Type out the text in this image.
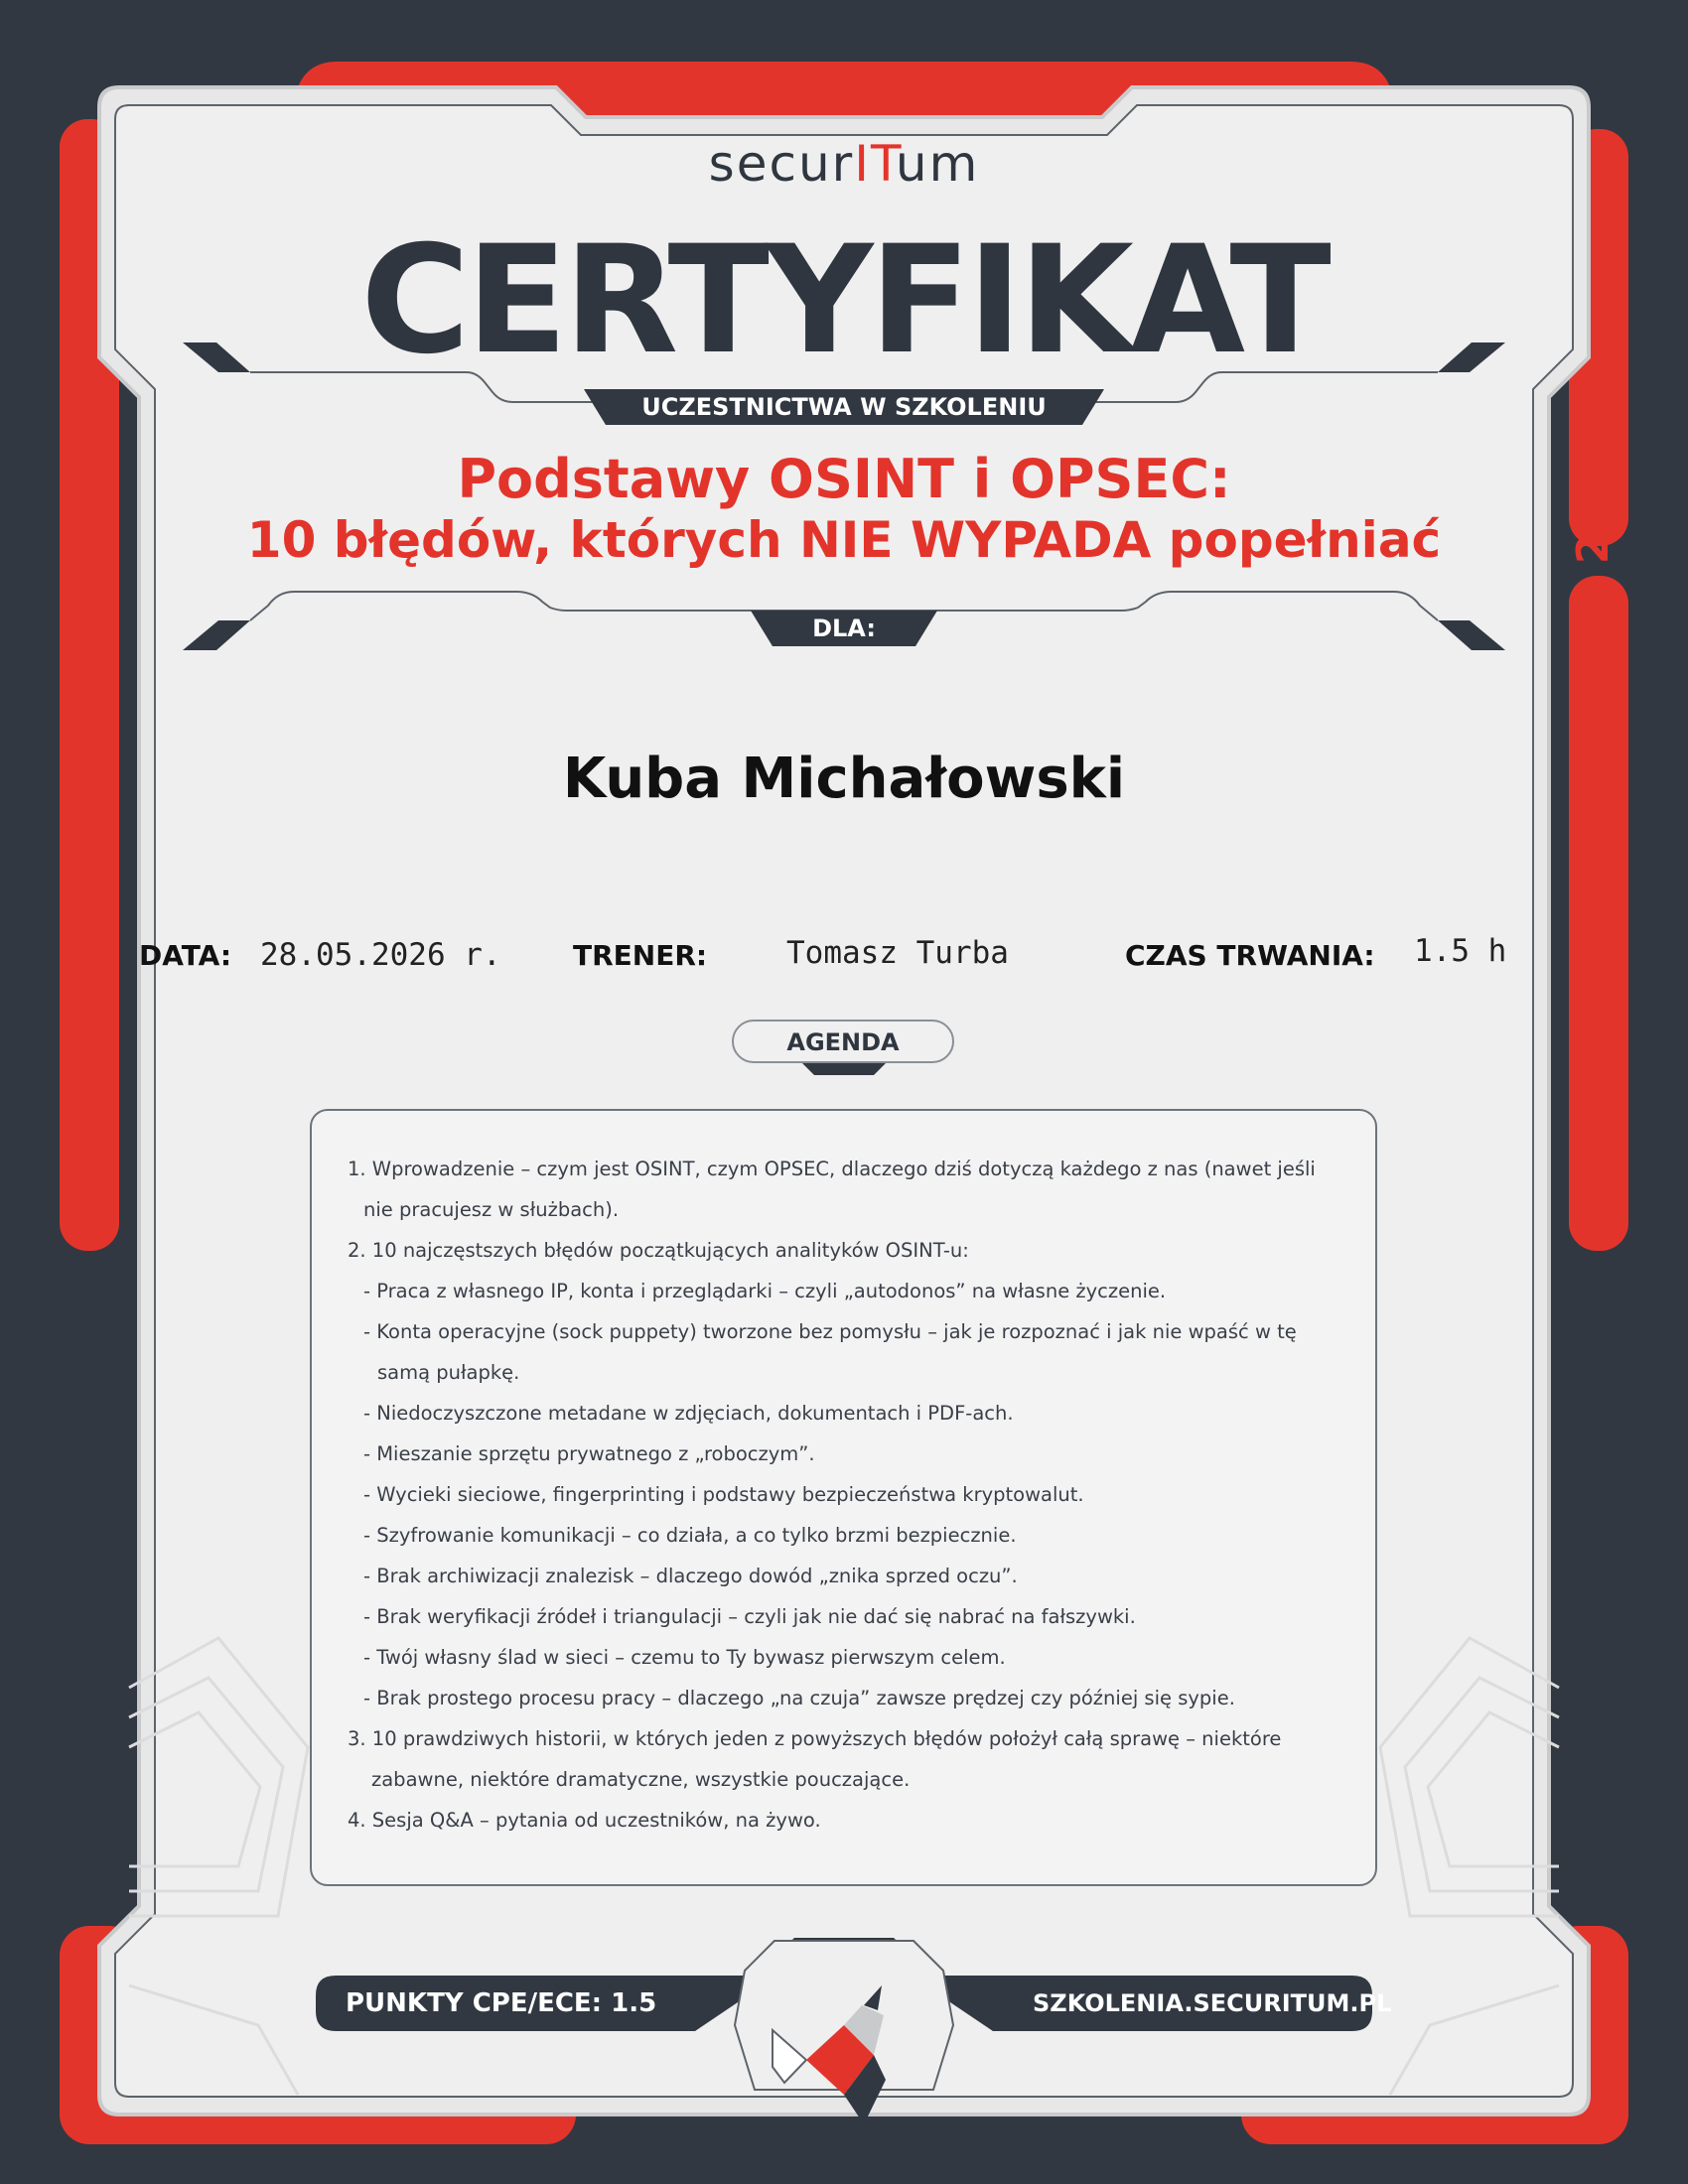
securITum
CERTYFIKAT
UCZESTNICTWA W SZKOLENIU
Podstawy OSINT i OPSEC:
10 błędów, których NIE WYPADA popełniać
DLA:
Kuba Michałowski
DATA: 28.05.2026 r.	TRENER:	Tomasz Turba	CZAS TRWANIA: 1.5 h
AGENDA

1. Wprowadzenie – czym jest OSINT, czym OPSEC, dlaczego dziś dotyczą każdego z nas (nawet jeśli

nie pracujesz w służbach).

2. 10 najczęstszych błędów początkujących analityków OSINT-u:

- Praca z własnego IP, konta i przeglądarki – czyli „autodonos” na własne życzenie.

- Konta operacyjne (sock puppety) tworzone bez pomysłu – jak je rozpoznać i jak nie wpaść w tę

samą pułapkę.

- Niedoczyszczone metadane w zdjęciach, dokumentach i PDF-ach.

- Mieszanie sprzętu prywatnego z „roboczym”.

- Wycieki sieciowe, fingerprinting i podstawy bezpieczeństwa kryptowalut.

- Szyfrowanie komunikacji – co działa, a co tylko brzmi bezpiecznie.

- Brak archiwizacji znalezisk – dlaczego dowód „znika sprzed oczu”.

- Brak weryfikacji źródeł i triangulacji – czyli jak nie dać się nabrać na fałszywki.

- Twój własny ślad w sieci – czemu to Ty bywasz pierwszym celem.

- Brak prostego procesu pracy – dlaczego „na czuja” zawsze prędzej czy później się sypie.

3. 10 prawdziwych historii, w których jeden z powyższych błędów położył całą sprawę – niektóre

zabawne, niektóre dramatyczne, wszystkie pouczające.

4. Sesja Q&A – pytania od uczestników, na żywo.

PUNKTY CPE/ECE: 1.5	SZKOLENIA.SECURITUM.PL
2026
